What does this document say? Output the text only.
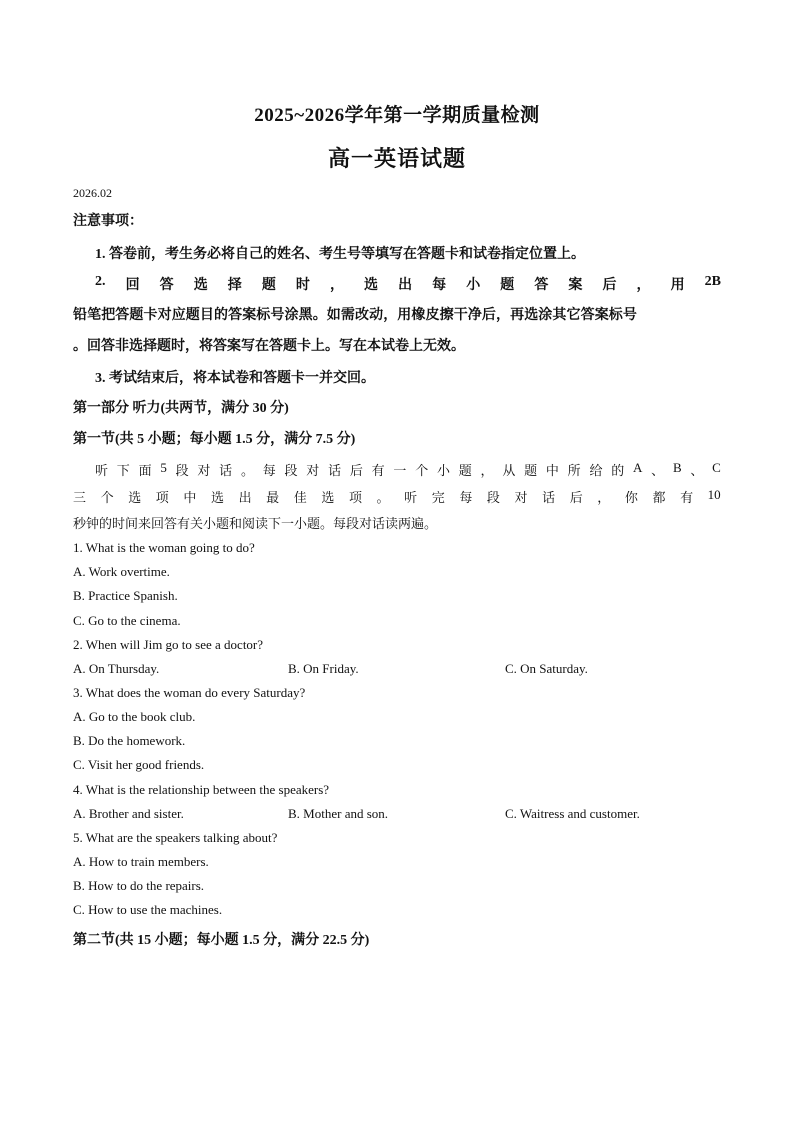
2025~2026学年第一学期质量检测
高一英语试题
2026.02
注意事项：
1. 答卷前，考生务必将自己的姓名、考生号等填写在答题卡和试卷指定位置上。
2. 回 答 选 择 题 时 ， 选 出 每 小 题 答 案 后 ， 用 2B
铅笔把答题卡对应题目的答案标号涂黑。如需改动，用橡皮擦干净后，再选涂其它答案标号
。回答非选择题时，将答案写在答题卡上。写在本试卷上无效。
3. 考试结束后，将本试卷和答题卡一并交回。
第一部分 听力(共两节，满分 30 分)
第一节(共 5 小题；每小题 1.5 分，满分 7.5 分)
听 下 面 5 段 对 话 。 每 段 对 话 后 有 一 个 小 题 ， 从 题 中 所 给 的 A 、 B 、 C
三 个 选 项 中 选 出 最 佳 选 项 。 听 完 每 段 对 话 后 ， 你 都 有 10
秒钟的时间来回答有关小题和阅读下一小题。每段对话读两遍。
1. What is the woman going to do?
A. Work overtime.
B. Practice Spanish.
C. Go to the cinema.
2. When will Jim go to see a doctor?
A. On Thursday.	B. On Friday.	C. On Saturday.
3. What does the woman do every Saturday?
A. Go to the book club.
B. Do the homework.
C. Visit her good friends.
4. What is the relationship between the speakers?
A. Brother and sister.	B. Mother and son.	C. Waitress and customer.
5. What are the speakers talking about?
A. How to train members.
B. How to do the repairs.
C. How to use the machines.
第二节(共 15 小题；每小题 1.5 分，满分 22.5 分)
